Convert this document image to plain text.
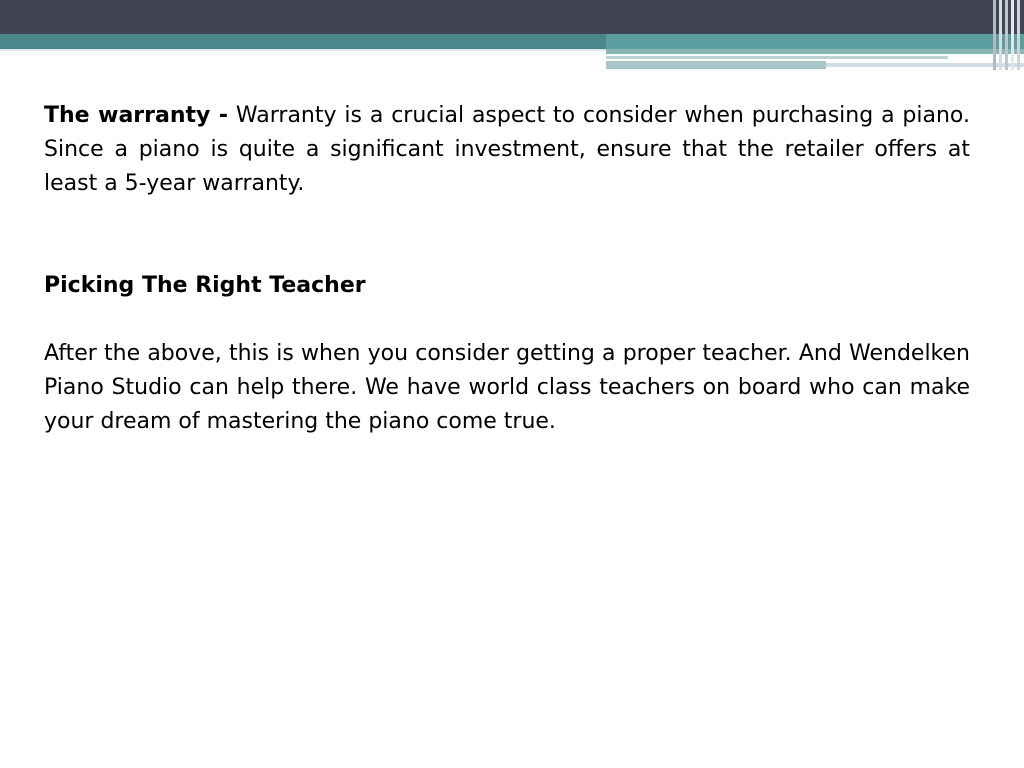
The warranty - Warranty is a crucial aspect to consider when purchasing a piano. Since a piano is quite a significant investment, ensure that the retailer offers at least a 5-year warranty.

Picking The Right Teacher

After the above, this is when you consider getting a proper teacher. And Wendelken Piano Studio can help there. We have world class teachers on board who can make your dream of mastering the piano come true.
